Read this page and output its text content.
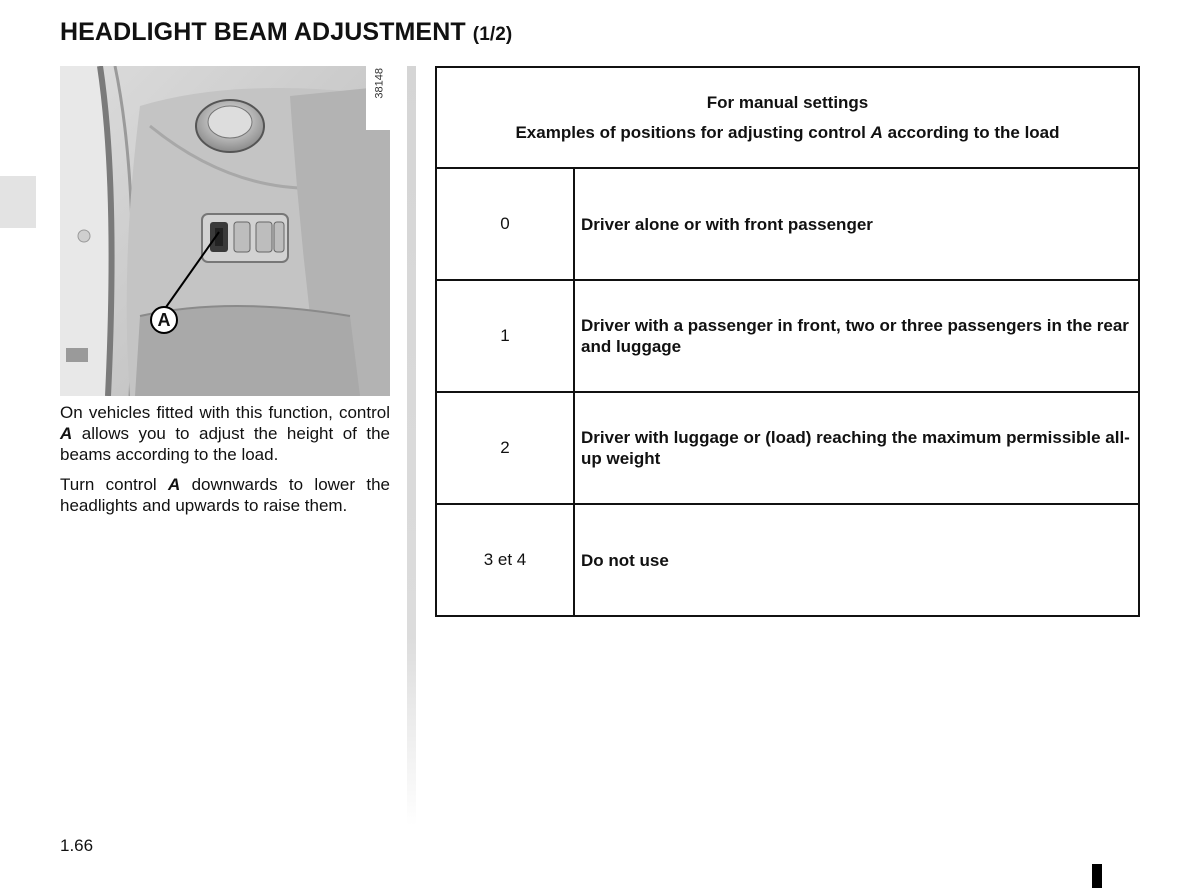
HEADLIGHT BEAM ADJUSTMENT (1/2)
38148
A

On vehicles fitted with this function, control A allows you to adjust the height of the beams according to the load.

Turn control A downwards to lower the headlights and upwards to raise them.

For manual settings
Examples of positions for adjusting control A according to the load	

0	Driver alone or with front passenger
1	Driver with a passenger in front, two or three passengers in the rear and luggage
2	Driver with luggage or (load) reaching the maximum permissible all-up weight
3 et 4	Do not use
1.66
